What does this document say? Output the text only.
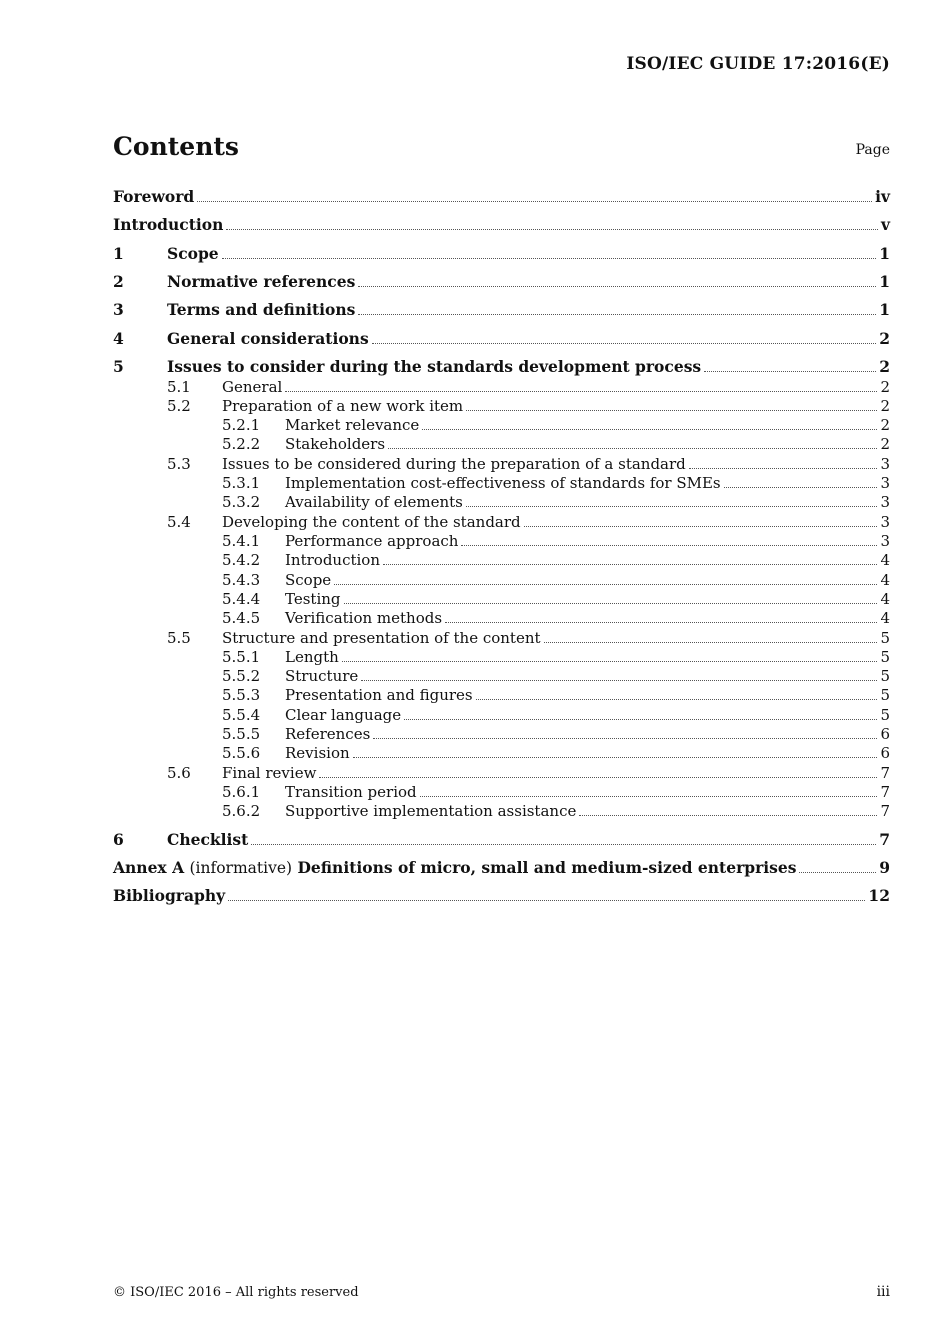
ISO/IEC GUIDE 17:2016(E)
Contents	Page
Foreword	iv
Introduction	v
1	Scope	1
2	Normative references	1
3	Terms and definitions	1
4	General considerations	2
5	Issues to consider during the standards development process	2
5.1	General	2
5.2	Preparation of a new work item	2
5.2.1	Market relevance	2
5.2.2	Stakeholders	2
5.3	Issues to be considered during the preparation of a standard	3
5.3.1	Implementation cost-effectiveness of standards for SMEs	3
5.3.2	Availability of elements	3
5.4	Developing the content of the standard	3
5.4.1	Performance approach	3
5.4.2	Introduction	4
5.4.3	Scope	4
5.4.4	Testing	4
5.4.5	Verification methods	4
5.5	Structure and presentation of the content	5
5.5.1	Length	5
5.5.2	Structure	5
5.5.3	Presentation and figures	5
5.5.4	Clear language	5
5.5.5	References	6
5.5.6	Revision	6
5.6	Final review	7
5.6.1	Transition period	7
5.6.2	Supportive implementation assistance	7
6	Checklist	7
Annex A (informative) Definitions of micro, small and medium-sized enterprises	9
Bibliography	12
© ISO/IEC 2016 – All rights reserved	iii
